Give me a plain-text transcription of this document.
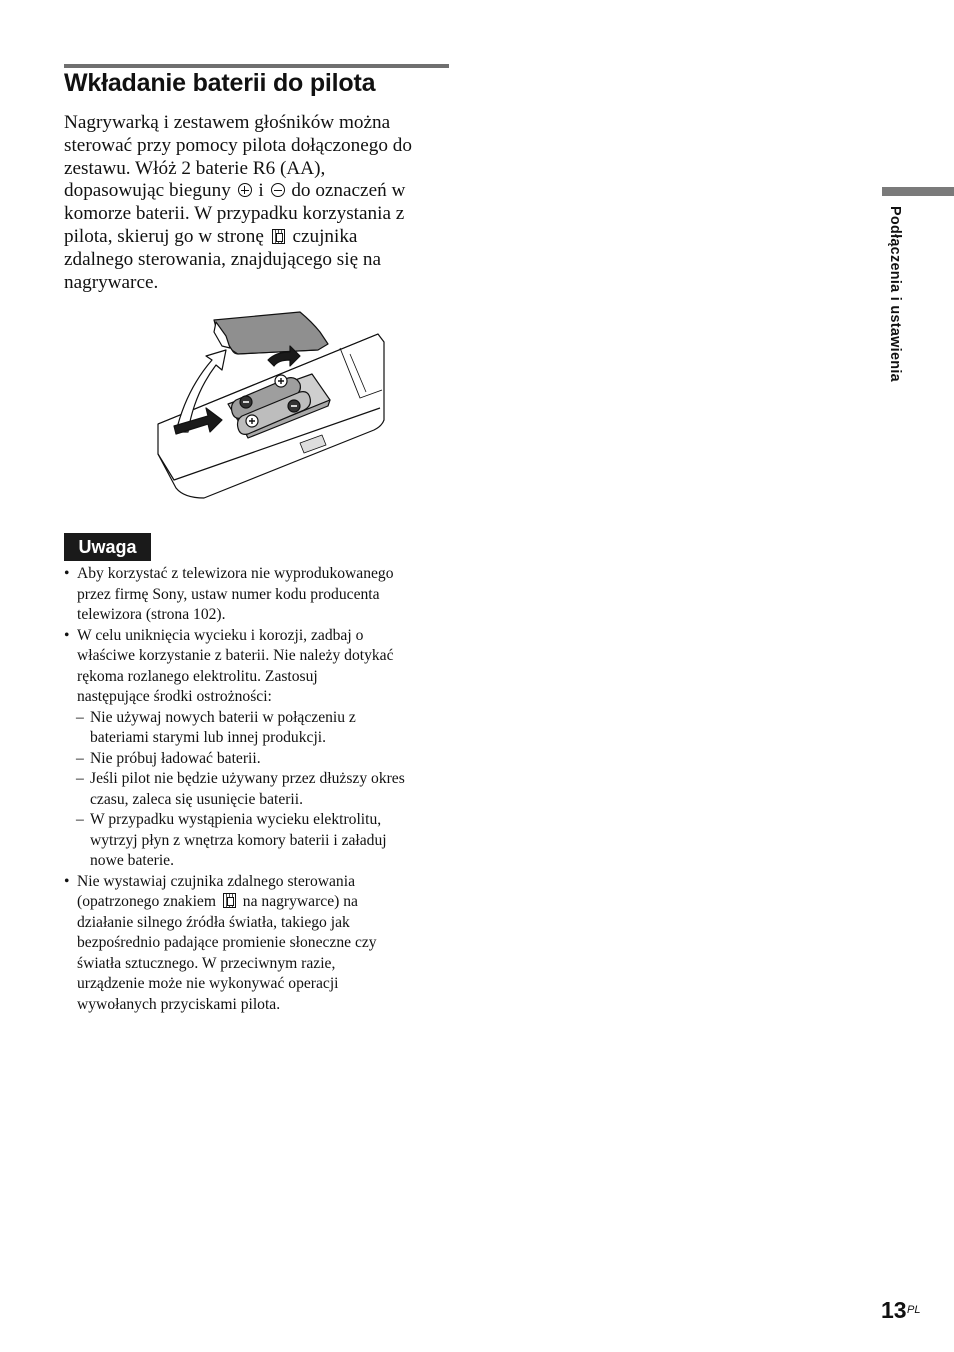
Wkładanie baterii do pilota
Nagrywarką i zestawem głośników można
sterować przy pomocy pilota dołączonego do
zestawu. Włóż 2 baterie R6 (AA),
dopasowując bieguny i do oznaczeń w
komorze baterii. W przypadku korzystania z
pilota, skieruj go w stronę czujnika
zdalnego sterowania, znajdującego się na
nagrywarce.
Uwaga
• Aby korzystać z telewizora nie wyprodukowanego
przez firmę Sony, ustaw numer kodu producenta
telewizora (strona 102).
• W celu uniknięcia wycieku i korozji, zadbaj o
właściwe korzystanie z baterii. Nie należy dotykać
rękoma rozlanego elektrolitu. Zastosuj
następujące środki ostrożności:
– Nie używaj nowych baterii w połączeniu z
bateriami starymi lub innej produkcji.
– Nie próbuj ładować baterii.
– Jeśli pilot nie będzie używany przez dłuższy okres
czasu, zaleca się usunięcie baterii.
– W przypadku wystąpienia wycieku elektrolitu,
wytrzyj płyn z wnętrza komory baterii i załaduj
nowe baterie.
• Nie wystawiaj czujnika zdalnego sterowania
(opatrzonego znakiem na nagrywarce) na
działanie silnego źródła światła, takiego jak
bezpośrednio padające promienie słoneczne czy
światła sztucznego. W przeciwnym razie,
urządzenie może nie wykonywać operacji
wywołanych przyciskami pilota.
Podłączenia i ustawienia
13 PL
